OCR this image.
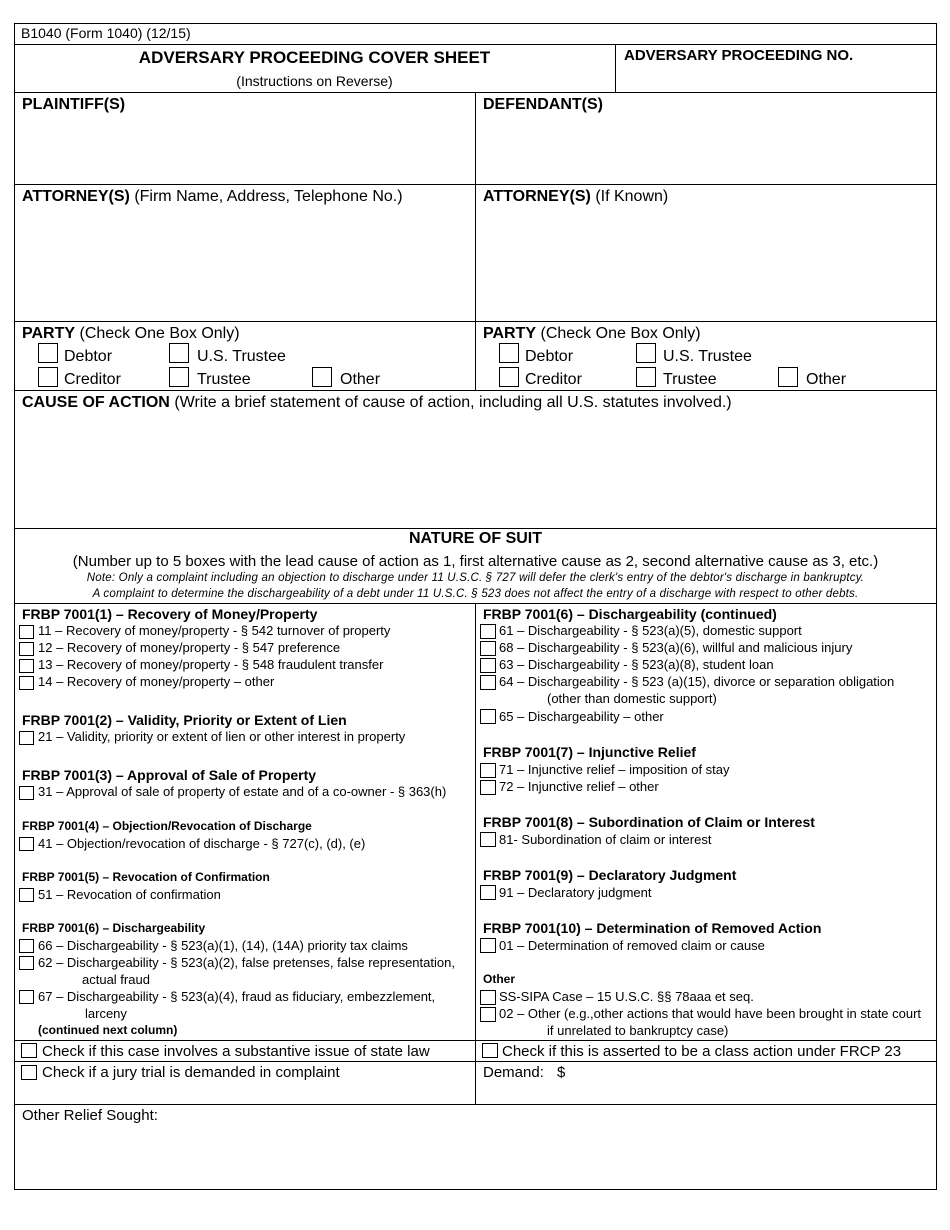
B1040 (Form 1040) (12/15)
ADVERSARY PROCEEDING COVER SHEET
(Instructions on Reverse)
ADVERSARY PROCEEDING NO.
PLAINTIFF(S)	DEFENDANT(S)
ATTORNEY(S) (Firm Name, Address, Telephone No.)	ATTORNEY(S) (If Known)
PARTY (Check One Box Only)
Debtor	U.S. Trustee
Creditor	Trustee	Other
PARTY (Check One Box Only)
Debtor	U.S. Trustee
Creditor	Trustee	Other
CAUSE OF ACTION (Write a brief statement of cause of action, including all U.S. statutes involved.)
NATURE OF SUIT
(Number up to 5 boxes with the lead cause of action as 1, first alternative cause as 2, second alternative cause as 3, etc.)
Note: Only a complaint including an objection to discharge under 11 U.S.C. § 727 will defer the clerk's entry of the debtor's discharge in bankruptcy.
A complaint to determine the dischargeability of a debt under 11 U.S.C. § 523 does not affect the entry of a discharge with respect to other debts.
FRBP 7001(1) – Recovery of Money/Property
11 – Recovery of money/property - § 542 turnover of property
12 – Recovery of money/property - § 547 preference
13 – Recovery of money/property - § 548 fraudulent transfer
14 – Recovery of money/property – other
FRBP 7001(2) – Validity, Priority or Extent of Lien
21 – Validity, priority or extent of lien or other interest in property
FRBP 7001(3) – Approval of Sale of Property
31 – Approval of sale of property of estate and of a co-owner - § 363(h)
FRBP 7001(4) – Objection/Revocation of Discharge
41 – Objection/revocation of discharge - § 727(c), (d), (e)
FRBP 7001(5) – Revocation of Confirmation
51 – Revocation of confirmation
FRBP 7001(6) – Dischargeability
66 – Dischargeability - § 523(a)(1), (14), (14A) priority tax claims
62 – Dischargeability - § 523(a)(2), false pretenses, false representation,
actual fraud
67 – Dischargeability - § 523(a)(4), fraud as fiduciary, embezzlement,
larceny
(continued next column)
FRBP 7001(6) – Dischargeability (continued)
61 – Dischargeability - § 523(a)(5), domestic support
68 – Dischargeability - § 523(a)(6), willful and malicious injury
63 – Dischargeability - § 523(a)(8), student loan
64 – Dischargeability - § 523 (a)(15), divorce or separation obligation
(other than domestic support)
65 – Dischargeability – other
FRBP 7001(7) – Injunctive Relief
71 – Injunctive relief – imposition of stay
72 – Injunctive relief – other
FRBP 7001(8) – Subordination of Claim or Interest
81- Subordination of claim or interest
FRBP 7001(9) – Declaratory Judgment
91 – Declaratory judgment
FRBP 7001(10) – Determination of Removed Action
01 – Determination of removed claim or cause
Other
SS-SIPA Case – 15 U.S.C. §§ 78aaa et seq.
02 – Other (e.g.,other actions that would have been brought in state court
if unrelated to bankruptcy case)
Check if this case involves a substantive issue of state law	Check if this is asserted to be a class action under FRCP 23
Check if a jury trial is demanded in complaint	Demand: $
Other Relief Sought:
